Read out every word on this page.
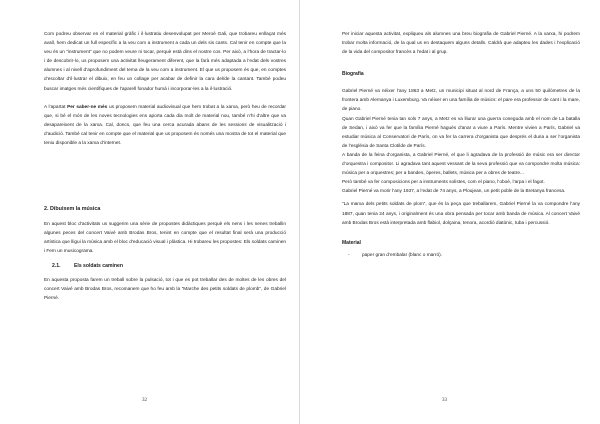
Com podreu observar en el material gràfic i il·lustratiu desenvolupat per Meroè Gali, que trobareu enllaçat més avall, hem dedicat un full específic a la veu com a instrument a cada un dels sis cants. Cal tenir en compte que la veu és un “instrument” que no podem veure ni tocar, perquè està dins el nostre cos. Per això, a l’hora de tractar-lo i de descobrir-lo, us proposem una activitat lleugerament diferent, que la farà més adaptada a l’edat dels vostres alumnes i al nivell d’aprofundiment del tema de la veu com a instrument. El que us proposem és que, en comptes d’escoltar d’il·lustrar el dibuix, en feu un collage per acabar de definir la cara del/de la cantant. També podeu buscar imatges més científiques de l’aparell fonador humà i incorporar-les a la il·lustració.

A l’apartat Per saber-ne més us proposem material audiovisual que hem trobat a la xarxa, però heu de recordar que, si bé el món de les noves tecnologies ens aporta cada dia molt de material nou, també n’hi d’altre que va desapareixent de la xarxa. Cal, doncs, que feu una cerca acurada abans de les sessions de visualització i d’audició. També cal tenir en compte que el material que us proposem és només una mostra de tot el material que teniu disponible a la xarxa d’internet.

2. Dibuixem la música

En aquest bloc d’activitats us suggerim una sèrie de propostes didàctiques perquè els nens i les nenes treballin algunes peces del concert Vaivé amb Brodas Bros, tenint en compte que el resultat final serà una producció artística que lligui la música amb el bloc d’educació visual i plàstica. Hi trobareu les propostes: Els soldats caminen i Fem un musicograma.

2.1.	Els soldats caminen

En aquesta proposta farem un treball sobre la pulsació, tot i que es pot treballar des de moltes de les obres del concert Vaivé amb Brodas Bros, recomanem que ho feu amb la “Marche des petits soldats de plomb”, de Gabriel Pierné.

32

Per iniciar aquesta activitat, expliqueu als alumnes una breu biografia de Gabriel Pierné. A la xarxa, hi podrem trobar molta informació, de la qual us en destaquem alguns detalls. Caldrà que adapteu les dades i l’explicació de la vida del compositor francès a l’edat i al grup.

Biografia

Gabriel Pierné va néixer l’any 1863 a Metz, un municipi situat al nord de França, a uns 50 quilòmetres de la frontera amb Alemanya i Luxemburg. Va néixer en una família de músics: el pare era professor de cant i la mare, de piano.

Quan Gabriel Pierné tenia tan sols 7 anys, a Metz es va lliurar una guerra coneguda amb el nom de La batalla de Sedan, i això va fer que la família Pierné haguès d’anar a viure a París. Mentre vivien a París, Gabriel va estudiar música al Conservatori de París, on va fer la carrera d’organista que després el duria a ser l’organista de l’església de Santa Clotilde de París.

A banda de la feina d’organista, a Gabriel Pierné, el que li agradava de la professió de músic era ser director d’orquestra i compositor. Li agradava tant aquest vessant de la seva professió que va compondre molta música: música per a orquestres; per a bandes, òperes, ballets, música per a obres de teatre...

Però també va fer composicions per a instruments solistes, com el piano, l’oboè, l’arpa i el fagot.

Gabriel Pierné va morir l’any 1937, a l’edat de 74 anys, a Ploujean, un petit poble de la Bretanya francesa.

“La marxa dels petits soldats de plom”, que és la peça que treballarem, Gabriel Pierné la va compondre l’any 1887, quan tenia 24 anys, i originalment és una obra pensada per tocar amb banda de música. Al concert Vaivé amb Brodas Bros està interpretada amb flabiol, dolçaina, tenora, acordió diatònic, tuba i percussió.

Material
-	paper gran d’embalar (blanc o marró).
33
